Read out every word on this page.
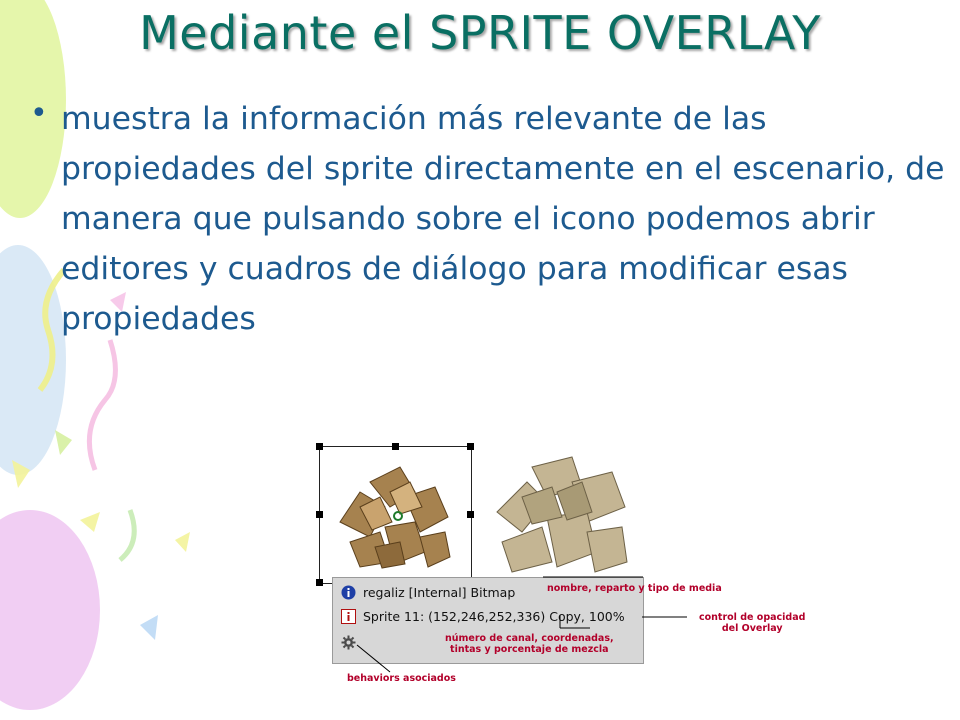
Mediante el SPRITE OVERLAY
• muestra la información más relevante de las propiedades del sprite directamente en el escenario, de manera que pulsando sobre el icono podemos abrir editores y cuadros de diálogo para modificar esas propiedades

regaliz [Internal] Bitmap
Sprite 11: (152,246,252,336) Copy, 100%
nombre, reparto y tipo de media
control de opacidad
del Overlay
número de canal, coordenadas,
tintas y porcentaje de mezcla
behaviors asociados
